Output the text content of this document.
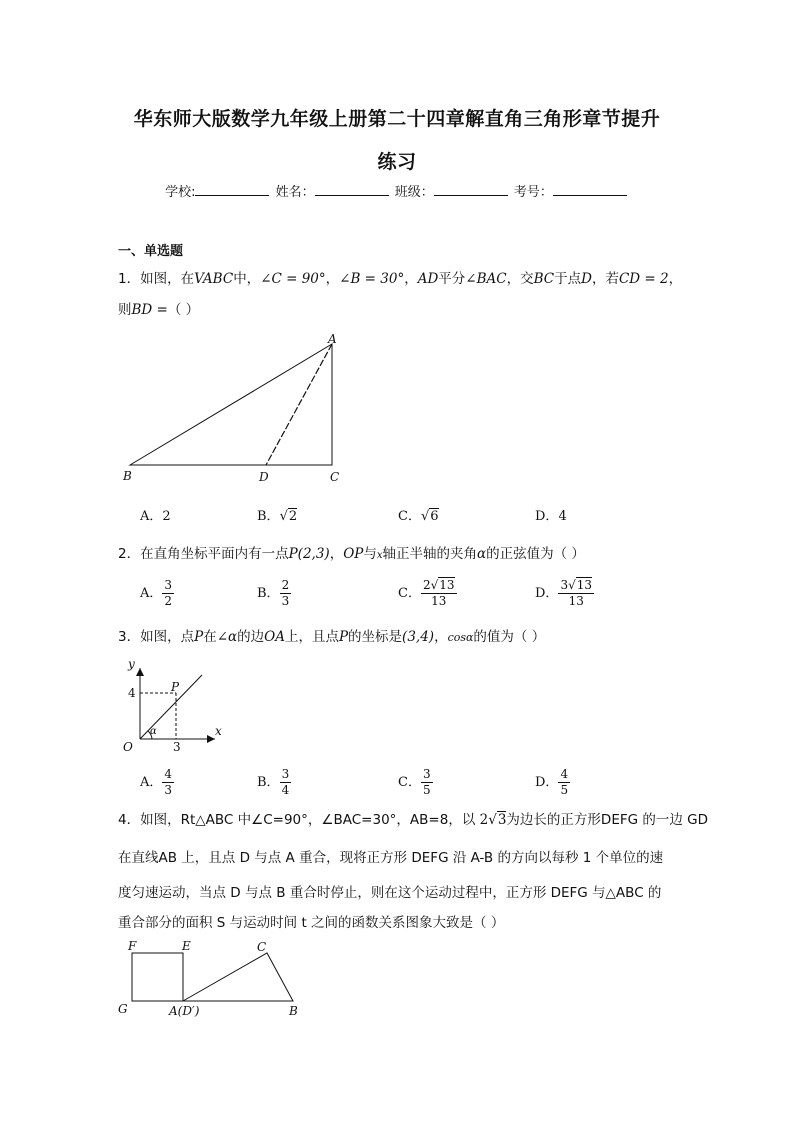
华东师大版数学九年级上册第二十四章解直角三角形章节提升
练习
学校:	姓名：	班级：	考号：
一、单选题
1．如图，在VABC中，∠C = 90°，∠B = 30°，AD平分∠BAC，交BC于点D，若CD = 2，
则BD =（ ）
A
B	D	C
A．2	B．√2	C．√6	D．4
2．在直角坐标平面内有一点P(2,3)，OP与x轴正半轴的夹角α的正弦值为（ ）
A． $\frac{3}{2}$	B． $\frac{2}{3}$	C． $\frac{2√13}{13}$	D． $\frac{3√13}{13}$
3．如图，点P在∠α的边OA上，且点P的坐标是(3,4)，cosα的值为（ ）
y
x
O
P
4
3
α
A． $\frac{4}{3}$	B． $\frac{3}{4}$	C． $\frac{3}{5}$	D． $\frac{4}{5}$
4．如图，Rt△ABC 中∠C=90°，∠BAC=30°，AB=8，以 2√3为边长的正方形DEFG 的一边 GD
在直线AB 上，且点 D 与点 A 重合，现将正方形 DEFG 沿 A-B 的方向以每秒 1 个单位的速
度匀速运动，当点 D 与点 B 重合时停止，则在这个运动过程中，正方形 DEFG 与△ABC 的
重合部分的面积 S 与运动时间 t 之间的函数关系图象大致是（ ）
F	E	C
G	A(D′)	B
